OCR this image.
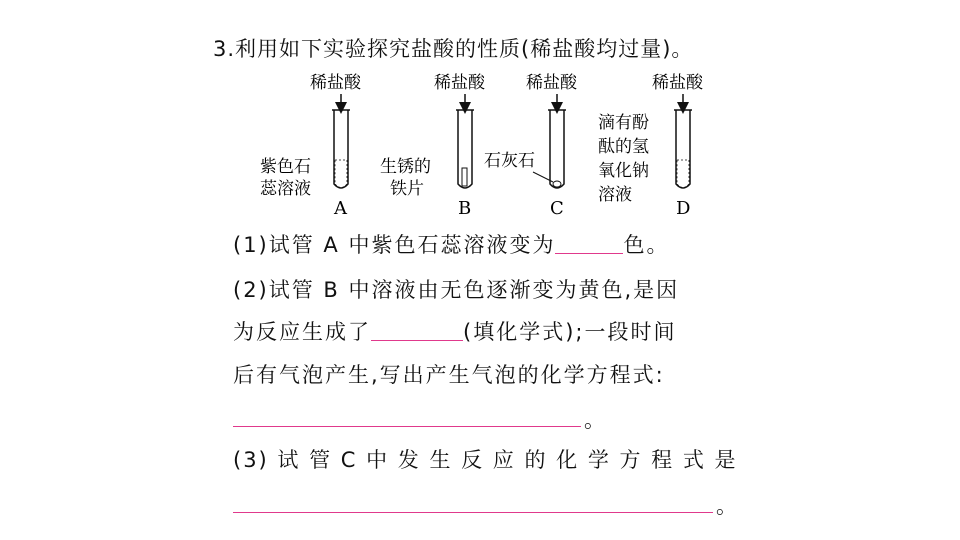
3.利用如下实验探究盐酸的性质(稀盐酸均过量)。
稀盐酸
紫色石
蕊溶液
A
稀盐酸
生锈的
铁片
B
稀盐酸
石灰石
C
稀盐酸
滴有酚
酞的氢
氧化钠
溶液
D
(1)试管 A 中紫色石蕊溶液变为	色。
(2)试管 B 中溶液由无色逐渐变为黄色,是因
为反应生成了	(填化学式);一段时间
后有气泡产生,写出产生气泡的化学方程式:
。
(3) 试 管 C 中 发 生 反 应 的 化 学 方 程 式 是
。
